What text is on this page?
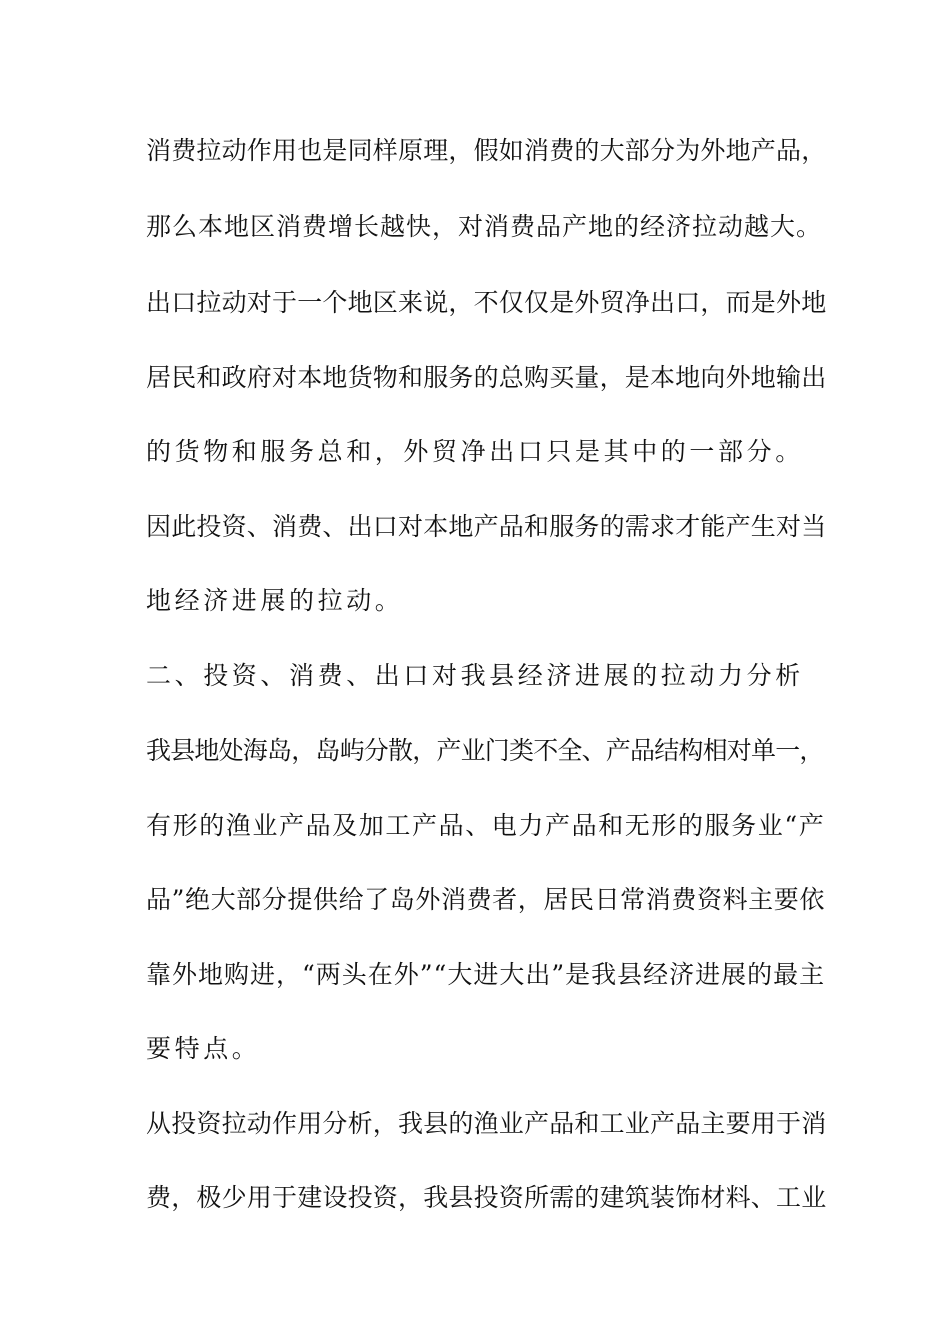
消费拉动作用也是同样原理，假如消费的大部分为外地产品，
那么本地区消费增长越快，对消费品产地的经济拉动越大。
出口拉动对于一个地区来说，不仅仅是外贸净出口，而是外地
居民和政府对本地货物和服务的总购买量，是本地向外地输出
的货物和服务总和，外贸净出口只是其中的一部分。
因此投资、消费、出口对本地产品和服务的需求才能产生对当
地经济进展的拉动。
二、投资、消费、出口对我县经济进展的拉动力分析
我县地处海岛，岛屿分散，产业门类不全、产品结构相对单一，
有形的渔业产品及加工产品、电力产品和无形的服务业“产
品”绝大部分提供给了岛外消费者，居民日常消费资料主要依
靠外地购进，“两头在外”“大进大出”是我县经济进展的最主
要特点。
从投资拉动作用分析，我县的渔业产品和工业产品主要用于消
费，极少用于建设投资，我县投资所需的建筑装饰材料、工业
